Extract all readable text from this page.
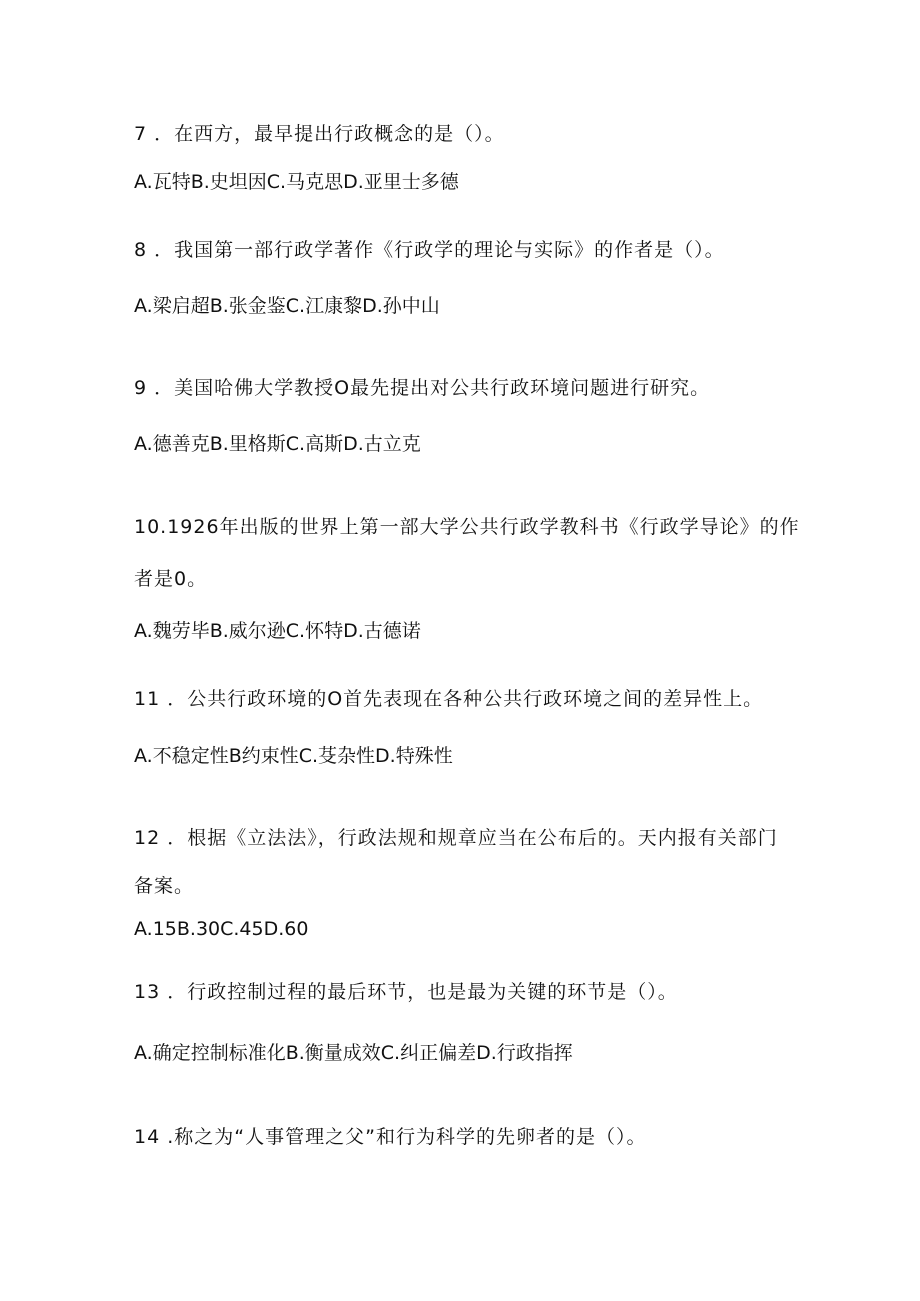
7 ．在西方，最早提出行政概念的是（）。
A.瓦特B.史坦因C.马克思D.亚里士多德
8 ．我国第一部行政学著作《行政学的理论与实际》的作者是（）。
A.梁启超B.张金鉴C.江康黎D.孙中山
9 ．美国哈佛大学教授O最先提出对公共行政环境问题进行研究。
A.德善克B.里格斯C.高斯D.古立克
10.1926年出版的世界上第一部大学公共行政学教科书《行政学导论》的作
者是0。
A.魏劳毕B.威尔逊C.怀特D.古德诺
11 ．公共行政环境的O首先表现在各种公共行政环境之间的差异性上。
A.不稳定性B约束性C.芟杂性D.特殊性
12 ．根据《立法法》，行政法规和规章应当在公布后的。天内报有关部门
备案。
A.15B.30C.45D.60
13 ．行政控制过程的最后环节，也是最为关键的环节是（）。
A.确定控制标准化B.衡量成效C.纠正偏差D.行政指挥
14 .称之为“人事管理之父”和行为科学的先卵者的是（）。
